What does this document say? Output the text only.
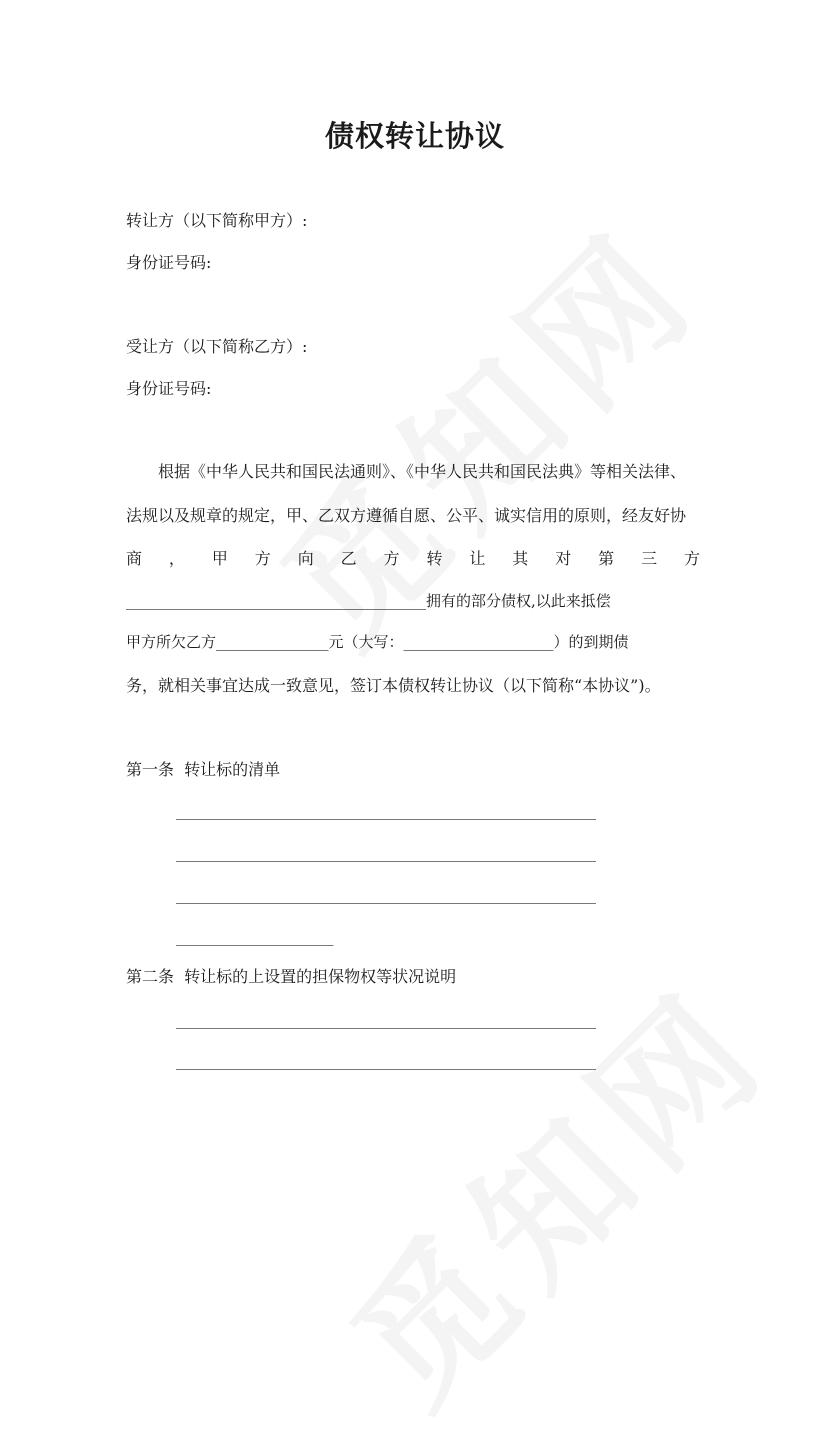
债权转让协议
转让方（以下简称甲方）:
身份证号码:
受让方（以下简称乙方）:
身份证号码:
根据《中华人民共和国民法通则》、《中华人民共和国民法典》等相关法律、
法规以及规章的规定，甲、乙双方遵循自愿、公平、诚实信用的原则，经友好协
商 ， 甲 方 向 乙 方 转 让 其 对 第 三 方
________________________________________拥有的部分债权,以此来抵偿
甲方所欠乙方_______________元（大写：____________________）的到期债
务，就相关事宜达成一致意见，签订本债权转让协议（以下简称“本协议”)。
第一条  转让标的清单
________________________________________________________
________________________________________________________
________________________________________________________
_____________________
第二条  转让标的上设置的担保物权等状况说明
________________________________________________________
________________________________________________________
